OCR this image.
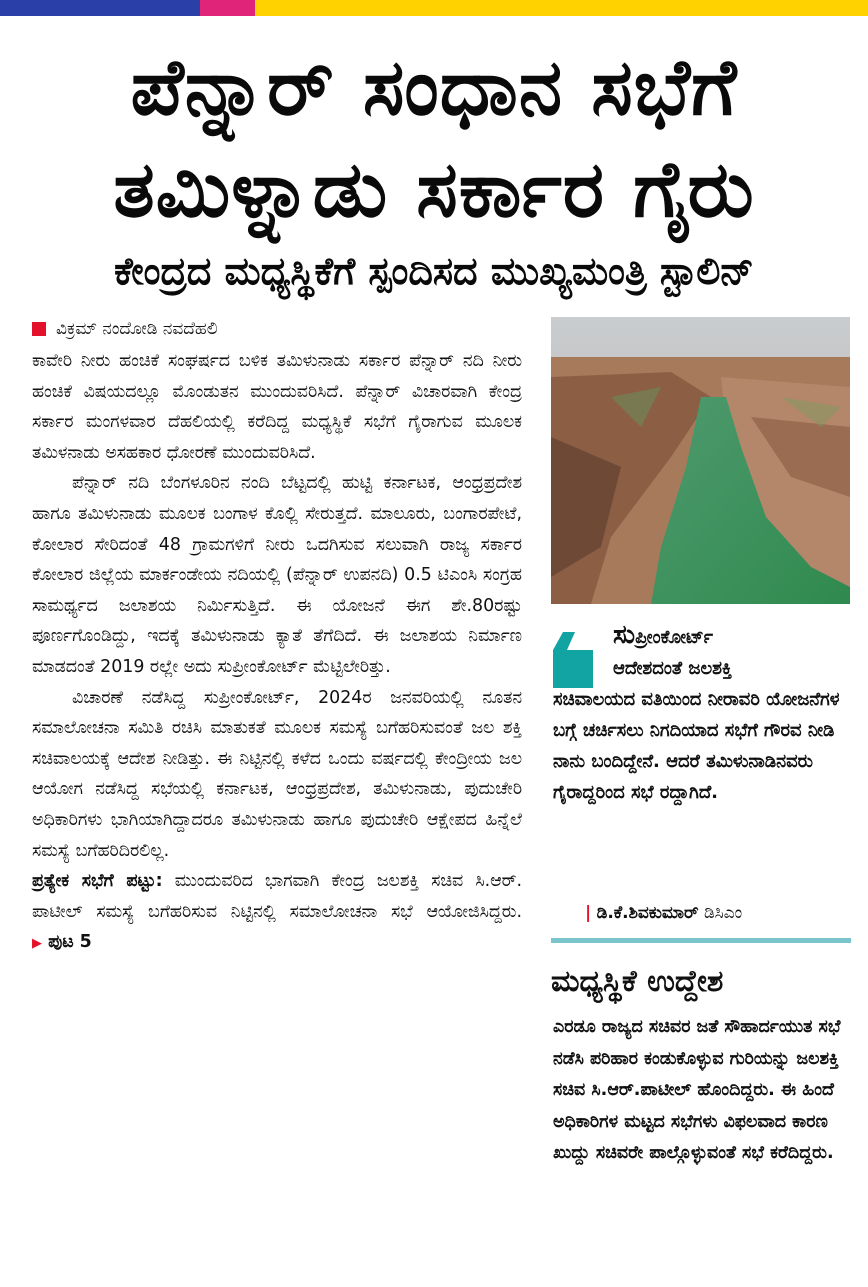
ಪೆನ್ನಾರ್ ಸಂಧಾನ ಸಭೆಗೆ
ತಮಿಳ್ನಾಡು ಸರ್ಕಾರ ಗೈರು
ಕೇಂದ್ರದ ಮಧ್ಯಸ್ಥಿಕೆಗೆ ಸ್ಪಂದಿಸದ ಮುಖ್ಯಮಂತ್ರಿ ಸ್ಟಾಲಿನ್
ವಿಕ್ರಮ್ ನಂದೋಡಿ ನವದೆಹಲಿ

ಕಾವೇರಿ ನೀರು ಹಂಚಿಕೆ ಸಂಘರ್ಷದ ಬಳಿಕ ತಮಿಳುನಾಡು ಸರ್ಕಾರ ಪೆನ್ನಾರ್ ನದಿ ನೀರು ಹಂಚಿಕೆ ವಿಷಯದಲ್ಲೂ ಮೊಂಡುತನ ಮುಂದುವರಿಸಿದೆ. ಪೆನ್ನಾರ್ ವಿಚಾರವಾಗಿ ಕೇಂದ್ರ ಸರ್ಕಾರ ಮಂಗಳವಾರ ದೆಹಲಿಯಲ್ಲಿ ಕರೆದಿದ್ದ ಮಧ್ಯಸ್ಥಿಕೆ ಸಭೆಗೆ ಗೈರಾಗುವ ಮೂಲಕ ತಮಿಳನಾಡು ಅಸಹಕಾರ ಧೋರಣೆ ಮುಂದುವರಿಸಿದೆ.

ಪೆನ್ನಾರ್ ನದಿ ಬೆಂಗಳೂರಿನ ನಂದಿ ಬೆಟ್ಟದಲ್ಲಿ ಹುಟ್ಟಿ ಕರ್ನಾಟಕ, ಆಂಧ್ರಪ್ರದೇಶ ಹಾಗೂ ತಮಿಳುನಾಡು ಮೂಲಕ ಬಂಗಾಳ ಕೊಲ್ಲಿ ಸೇರುತ್ತದೆ. ಮಾಲೂರು, ಬಂಗಾರಪೇಟೆ, ಕೋಲಾರ ಸೇರಿದಂತೆ 48 ಗ್ರಾಮಗಳಿಗೆ ನೀರು ಒದಗಿಸುವ ಸಲುವಾಗಿ ರಾಜ್ಯ ಸರ್ಕಾರ ಕೋಲಾರ ಜಿಲ್ಲೆಯ ಮಾರ್ಕಂಡೇಯ ನದಿಯಲ್ಲಿ (ಪೆನ್ನಾರ್ ಉಪನದಿ) 0.5 ಟಿಎಂಸಿ ಸಂಗ್ರಹ ಸಾಮರ್ಥ್ಯದ ಜಲಾಶಯ ನಿರ್ಮಿಸುತ್ತಿದೆ. ಈ ಯೋಜನೆ ಈಗ ಶೇ.80ರಷ್ಟು ಪೂರ್ಣಗೊಂಡಿದ್ದು, ಇದಕ್ಕೆ ತಮಿಳುನಾಡು ಕ್ಯಾತೆ ತೆಗೆದಿದೆ. ಈ ಜಲಾಶಯ ನಿರ್ಮಾಣ ಮಾಡದಂತೆ 2019 ರಲ್ಲೇ ಅದು ಸುಪ್ರೀಂಕೋರ್ಟ್ ಮೆಟ್ಟಿಲೇರಿತ್ತು.

ವಿಚಾರಣೆ ನಡೆಸಿದ್ದ ಸುಪ್ರೀಂಕೋರ್ಟ್, 2024ರ ಜನವರಿಯಲ್ಲಿ ನೂತನ ಸಮಾಲೋಚನಾ ಸಮಿತಿ ರಚಿಸಿ ಮಾತುಕತೆ ಮೂಲಕ ಸಮಸ್ಯೆ ಬಗೆಹರಿಸುವಂತೆ ಜಲ ಶಕ್ತಿ ಸಚಿವಾಲಯಕ್ಕೆ ಆದೇಶ ನೀಡಿತ್ತು. ಈ ನಿಟ್ಟಿನಲ್ಲಿ ಕಳೆದ ಒಂದು ವರ್ಷದಲ್ಲಿ ಕೇಂದ್ರೀಯ ಜಲ ಆಯೋಗ ನಡೆಸಿದ್ದ ಸಭೆಯಲ್ಲಿ ಕರ್ನಾಟಕ, ಆಂಧ್ರಪ್ರದೇಶ, ತಮಿಳುನಾಡು, ಪುದುಚೇರಿ ಅಧಿಕಾರಿಗಳು ಭಾಗಿಯಾಗಿದ್ದಾದರೂ ತಮಿಳುನಾಡು ಹಾಗೂ ಪುದುಚೇರಿ ಆಕ್ಷೇಪದ ಹಿನ್ನೆಲೆ ಸಮಸ್ಯೆ ಬಗೆಹರಿದಿರಲಿಲ್ಲ.

ಪ್ರತ್ಯೇಕ ಸಭೆಗೆ ಪಟ್ಟು: ಮುಂದುವರಿದ ಭಾಗವಾಗಿ ಕೇಂದ್ರ ಜಲಶಕ್ತಿ ಸಚಿವ ಸಿ.ಆರ್. ಪಾಟೀಲ್ ಸಮಸ್ಯೆ ಬಗೆಹರಿಸುವ ನಿಟ್ಟಿನಲ್ಲಿ ಸಮಾಲೋಚನಾ ಸಭೆ ಆಯೋಜಿಸಿದ್ದರು. ▶ ಪುಟ 5

ಸುಪ್ರೀಂಕೋರ್ಟ್
ಆದೇಶದಂತೆ ಜಲಶಕ್ತಿ
ಸಚಿವಾಲಯದ ವತಿಯಿಂದ ನೀರಾವರಿ ಯೋಜನೆಗಳ ಬಗ್ಗೆ ಚರ್ಚಿಸಲು ನಿಗದಿಯಾದ ಸಭೆಗೆ ಗೌರವ ನೀಡಿ ನಾನು ಬಂದಿದ್ದೇನೆ. ಆದರೆ ತಮಿಳುನಾಡಿನವರು ಗೈರಾದ್ದರಿಂದ ಸಭೆ ರದ್ದಾಗಿದೆ.
| ಡಿ.ಕೆ.ಶಿವಕುಮಾರ್ ಡಿಸಿಎಂ
ಮಧ್ಯಸ್ಥಿಕೆ ಉದ್ದೇಶ
ಎರಡೂ ರಾಜ್ಯದ ಸಚಿವರ ಜತೆ ಸೌಹಾರ್ದಯುತ ಸಭೆ ನಡೆಸಿ ಪರಿಹಾರ ಕಂಡುಕೊಳ್ಳುವ ಗುರಿಯನ್ನು ಜಲಶಕ್ತಿ ಸಚಿವ ಸಿ.ಆರ್.ಪಾಟೀಲ್ ಹೊಂದಿದ್ದರು. ಈ ಹಿಂದೆ ಅಧಿಕಾರಿಗಳ ಮಟ್ಟದ ಸಭೆಗಳು ವಿಫಲವಾದ ಕಾರಣ ಖುದ್ದು ಸಚಿವರೇ ಪಾಲ್ಗೊಳ್ಳುವಂತೆ ಸಭೆ ಕರೆದಿದ್ದರು.
